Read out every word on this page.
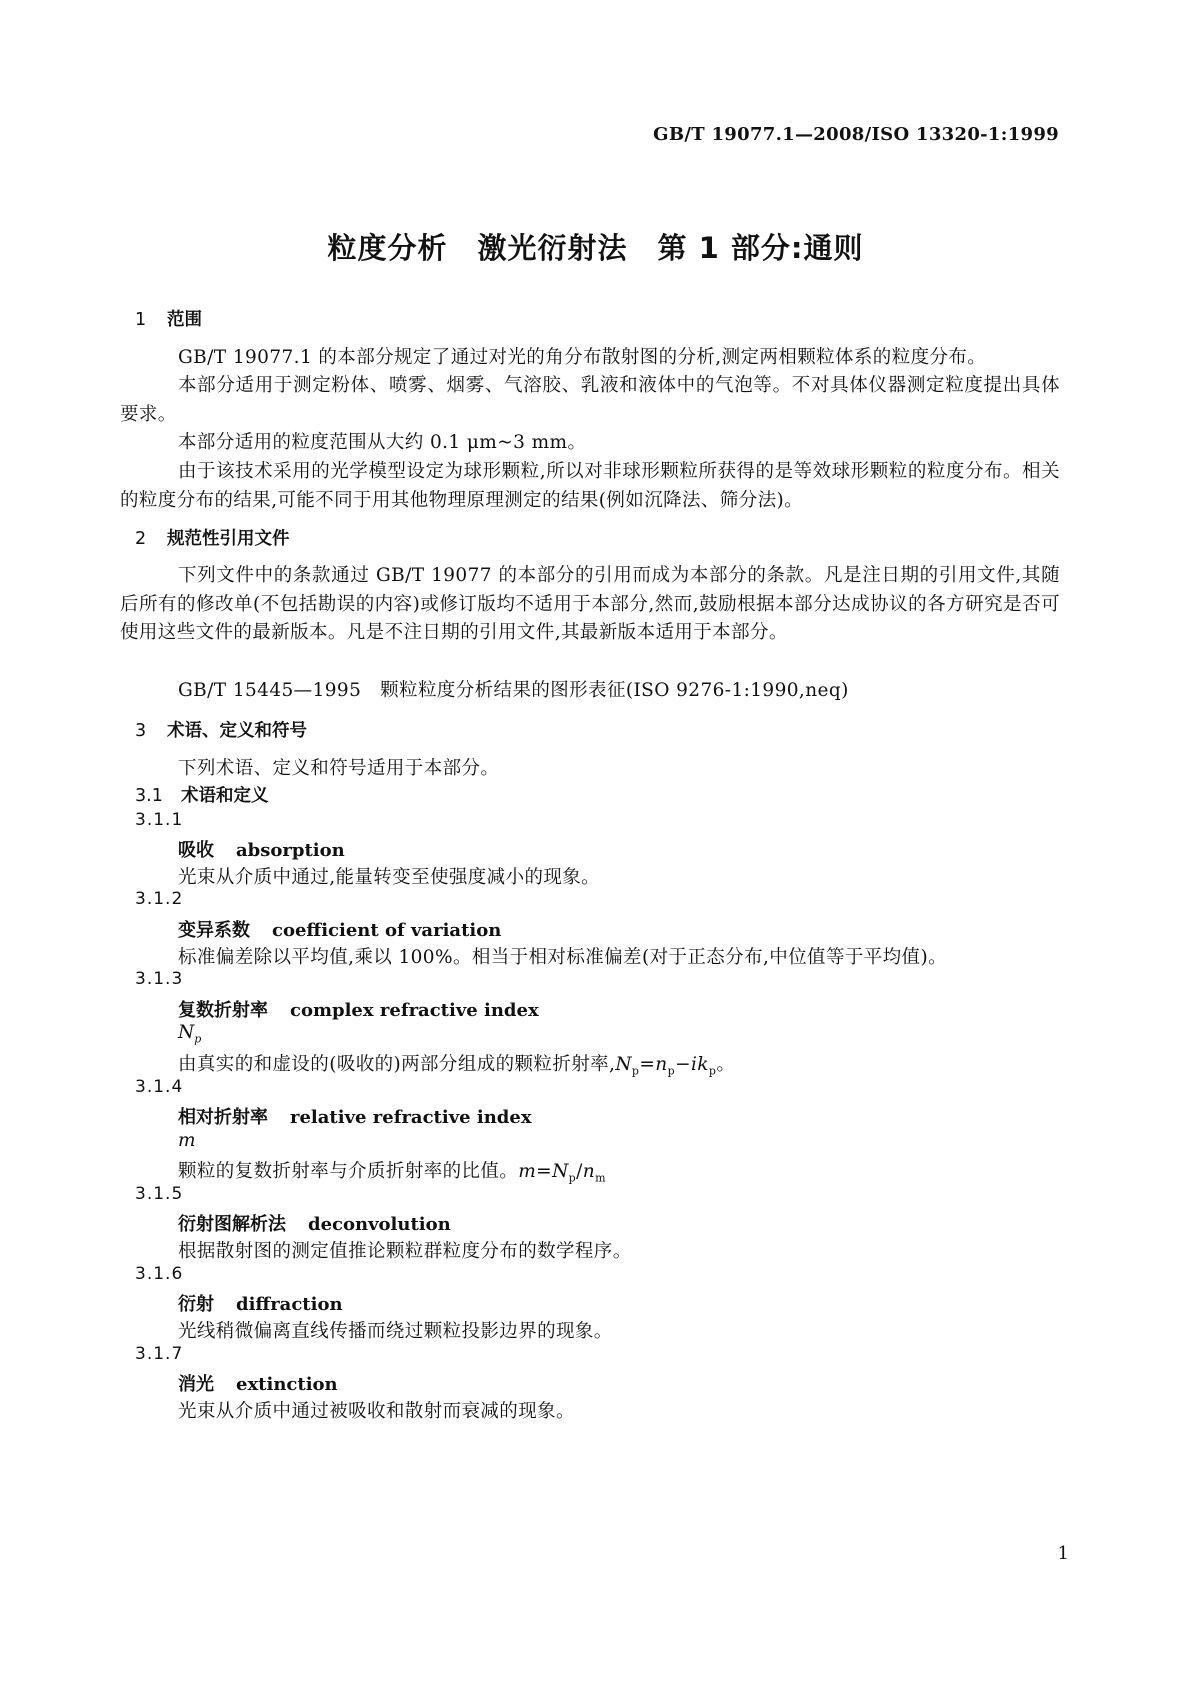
GB/T 19077.1—2008/ISO 13320-1:1999
粒度分析　激光衍射法　第 1 部分:通则
1 范围
GB/T 19077.1 的本部分规定了通过对光的角分布散射图的分析,测定两相颗粒体系的粒度分布。
本部分适用于测定粉体、喷雾、烟雾、气溶胶、乳液和液体中的气泡等。不对具体仪器测定粒度提出具体要求。
本部分适用的粒度范围从大约 0.1 μm~3 mm。
由于该技术采用的光学模型设定为球形颗粒,所以对非球形颗粒所获得的是等效球形颗粒的粒度分布。相关的粒度分布的结果,可能不同于用其他物理原理测定的结果(例如沉降法、筛分法)。
2 规范性引用文件
下列文件中的条款通过 GB/T 19077 的本部分的引用而成为本部分的条款。凡是注日期的引用文件,其随后所有的修改单(不包括勘误的内容)或修订版均不适用于本部分,然而,鼓励根据本部分达成协议的各方研究是否可使用这些文件的最新版本。凡是不注日期的引用文件,其最新版本适用于本部分。
GB/T 15445—1995　颗粒粒度分析结果的图形表征(ISO 9276-1:1990,neq)
3 术语、定义和符号
下列术语、定义和符号适用于本部分。
3.1 术语和定义
3.1.1
吸收 absorption
光束从介质中通过,能量转变至使强度减小的现象。
3.1.2
变异系数 coefficient of variation
标准偏差除以平均值,乘以 100%。相当于相对标准偏差(对于正态分布,中位值等于平均值)。
3.1.3
复数折射率 complex refractive index
$N_p$
由真实的和虚设的(吸收的)两部分组成的颗粒折射率$,N_p=n_p-ik_p$。
3.1.4
相对折射率 relative refractive index
m
颗粒的复数折射率与介质折射率的比值。$m=N_p/n_m$
3.1.5
衍射图解析法 deconvolution
根据散射图的测定值推论颗粒群粒度分布的数学程序。
3.1.6
衍射 diffraction
光线稍微偏离直线传播而绕过颗粒投影边界的现象。
3.1.7
消光 extinction
光束从介质中通过被吸收和散射而衰减的现象。
1
